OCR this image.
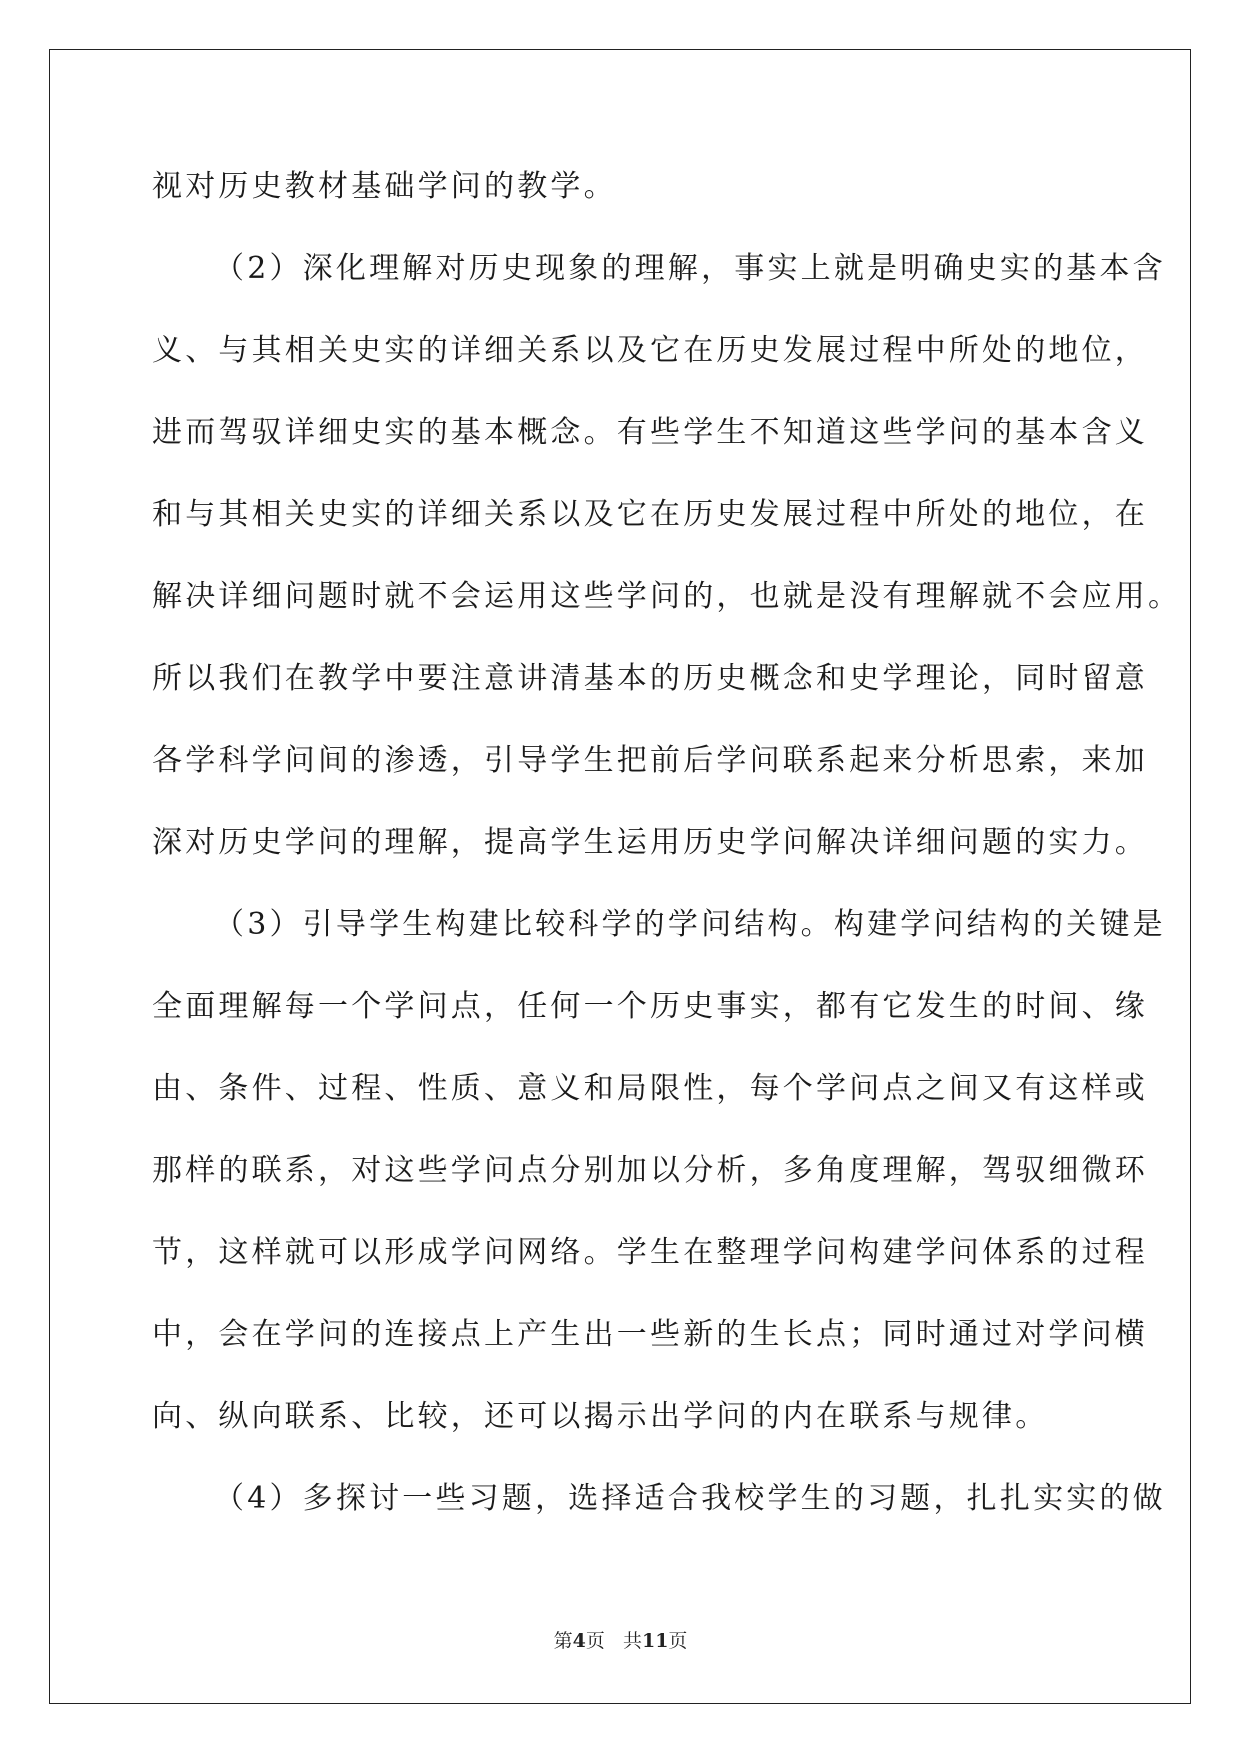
视对历史教材基础学问的教学。
（2）深化理解对历史现象的理解，事实上就是明确史实的基本含
义、与其相关史实的详细关系以及它在历史发展过程中所处的地位，
进而驾驭详细史实的基本概念。有些学生不知道这些学问的基本含义
和与其相关史实的详细关系以及它在历史发展过程中所处的地位，在
解决详细问题时就不会运用这些学问的，也就是没有理解就不会应用。
所以我们在教学中要注意讲清基本的历史概念和史学理论，同时留意
各学科学问间的渗透，引导学生把前后学问联系起来分析思索，来加
深对历史学问的理解，提高学生运用历史学问解决详细问题的实力。
（3）引导学生构建比较科学的学问结构。构建学问结构的关键是
全面理解每一个学问点，任何一个历史事实，都有它发生的时间、缘
由、条件、过程、性质、意义和局限性，每个学问点之间又有这样或
那样的联系，对这些学问点分别加以分析，多角度理解，驾驭细微环
节，这样就可以形成学问网络。学生在整理学问构建学问体系的过程
中，会在学问的连接点上产生出一些新的生长点；同时通过对学问横
向、纵向联系、比较，还可以揭示出学问的内在联系与规律。
（4）多探讨一些习题，选择适合我校学生的习题，扎扎实实的做
第4页 共11页
